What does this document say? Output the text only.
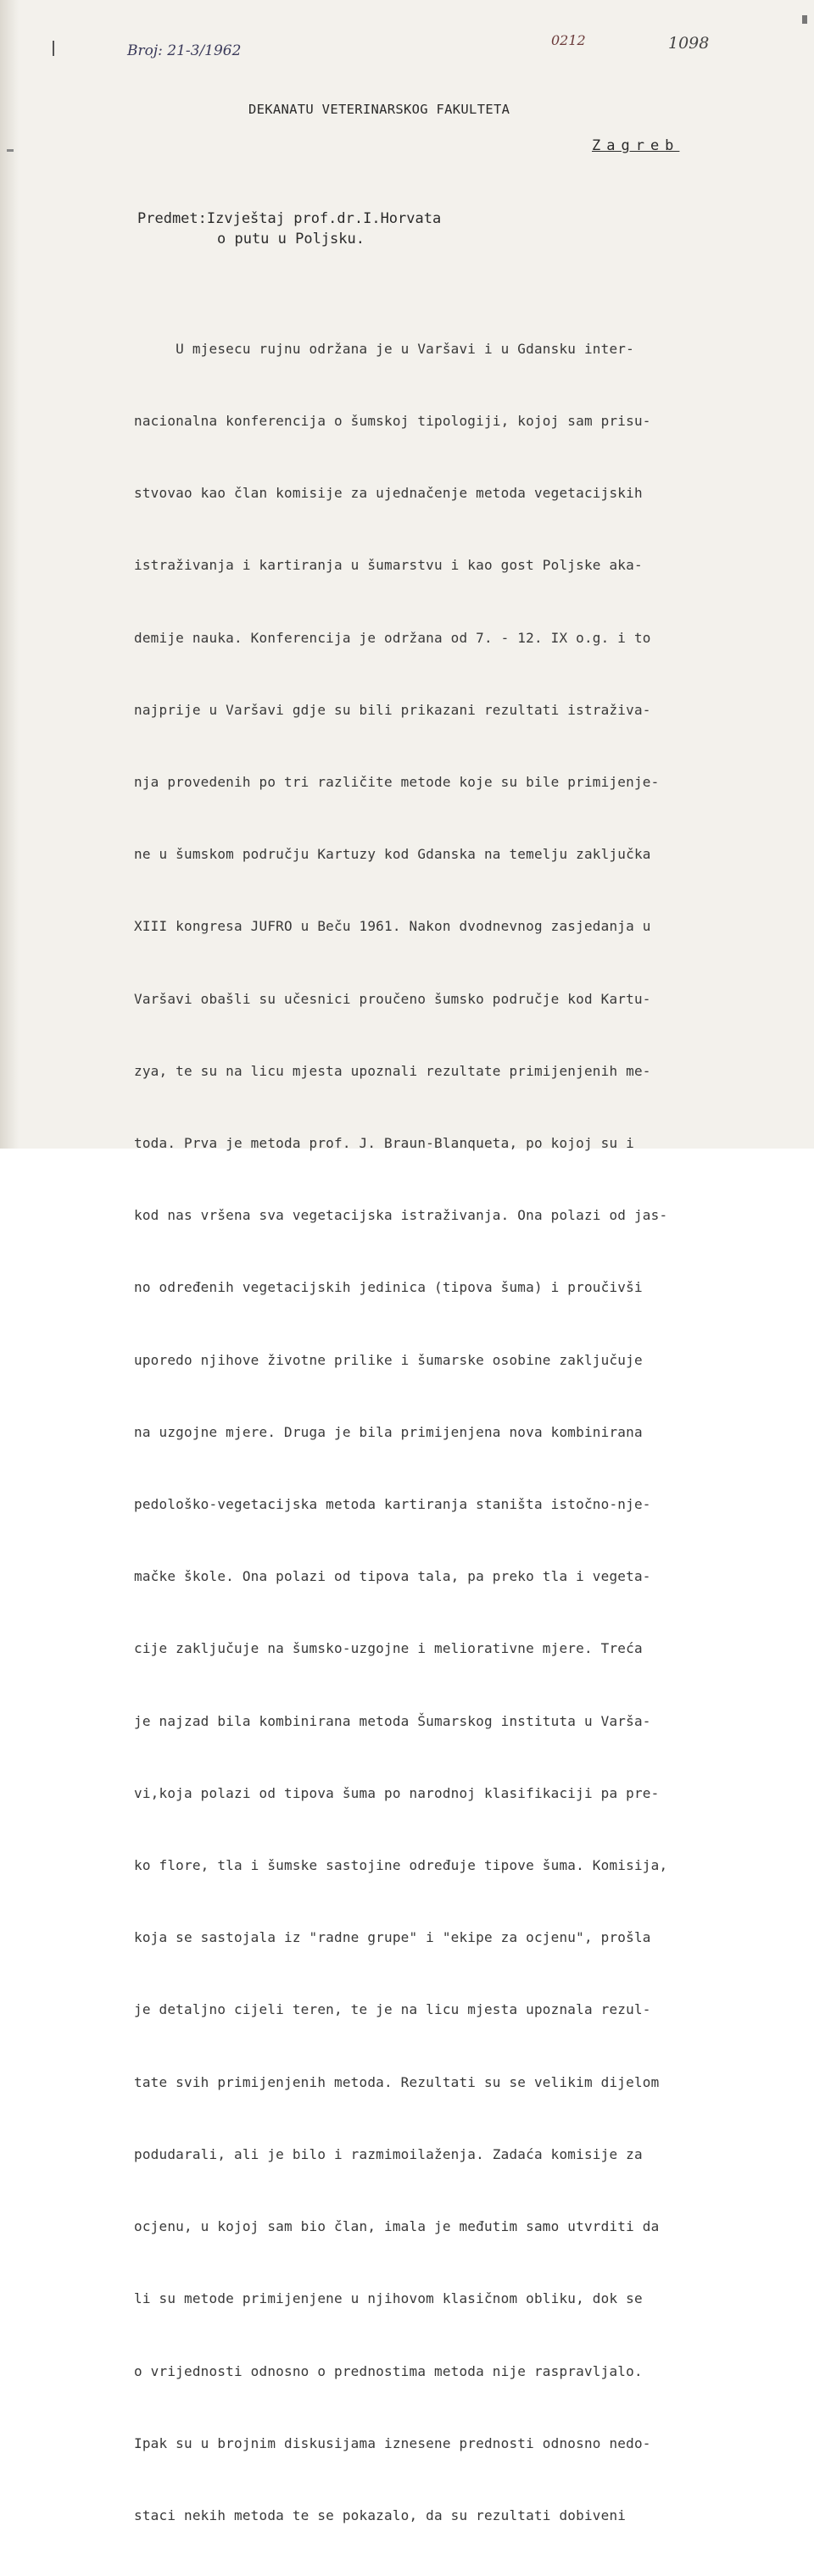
Broj: 21-3/1962
0212	1098
DEKANATU VETERINARSKOG FAKULTETA
Zagreb
Predmet:Izvještaj prof.dr.I.Horvata
o putu u Poljsku.

U mjesecu rujnu održana je u Varšavi i u Gdansku inter-

nacionalna konferencija o šumskoj tipologiji, kojoj sam prisu-

stvovao kao član komisije za ujednačenje metoda vegetacijskih

istraživanja i kartiranja u šumarstvu i kao gost Poljske aka-

demije nauka. Konferencija je održana od 7. - 12. IX o.g. i to

najprije u Varšavi gdje su bili prikazani rezultati istraživa-

nja provedenih po tri različite metode koje su bile primijenje-

ne u šumskom području Kartuzy kod Gdanska na temelju zaključka

XIII kongresa JUFRO u Beču 1961. Nakon dvodnevnog zasjedanja u

Varšavi obašli su učesnici proučeno šumsko područje kod Kartu-

zya, te su na licu mjesta upoznali rezultate primijenjenih me-

toda. Prva je metoda prof. J. Braun-Blanqueta, po kojoj su i

kod nas vršena sva vegetacijska istraživanja. Ona polazi od jas-

no određenih vegetacijskih jedinica (tipova šuma) i proučivši

uporedo njihove životne prilike i šumarske osobine zaključuje

na uzgojne mjere. Druga je bila primijenjena nova kombinirana

pedološko-vegetacijska metoda kartiranja staništa istočno-nje-

mačke škole. Ona polazi od tipova tala, pa preko tla i vegeta-

cije zaključuje na šumsko-uzgojne i meliorativne mjere. Treća

je najzad bila kombinirana metoda Šumarskog instituta u Varša-

vi,koja polazi od tipova šuma po narodnoj klasifikaciji pa pre-

ko flore, tla i šumske sastojine određuje tipove šuma. Komisija,

koja se sastojala iz "radne grupe" i "ekipe za ocjenu", prošla

je detaljno cijeli teren, te je na licu mjesta upoznala rezul-

tate svih primijenjenih metoda. Rezultati su se velikim dijelom

podudarali, ali je bilo i razmimoilaženja. Zadaća komisije za

ocjenu, u kojoj sam bio član, imala je međutim samo utvrditi da

li su metode primijenjene u njihovom klasičnom obliku, dok se

o vrijednosti odnosno o prednostima metoda nije raspravljalo.

Ipak su u brojnim diskusijama iznesene prednosti odnosno nedo-

staci nekih metoda te se pokazalo, da su rezultati dobiveni
